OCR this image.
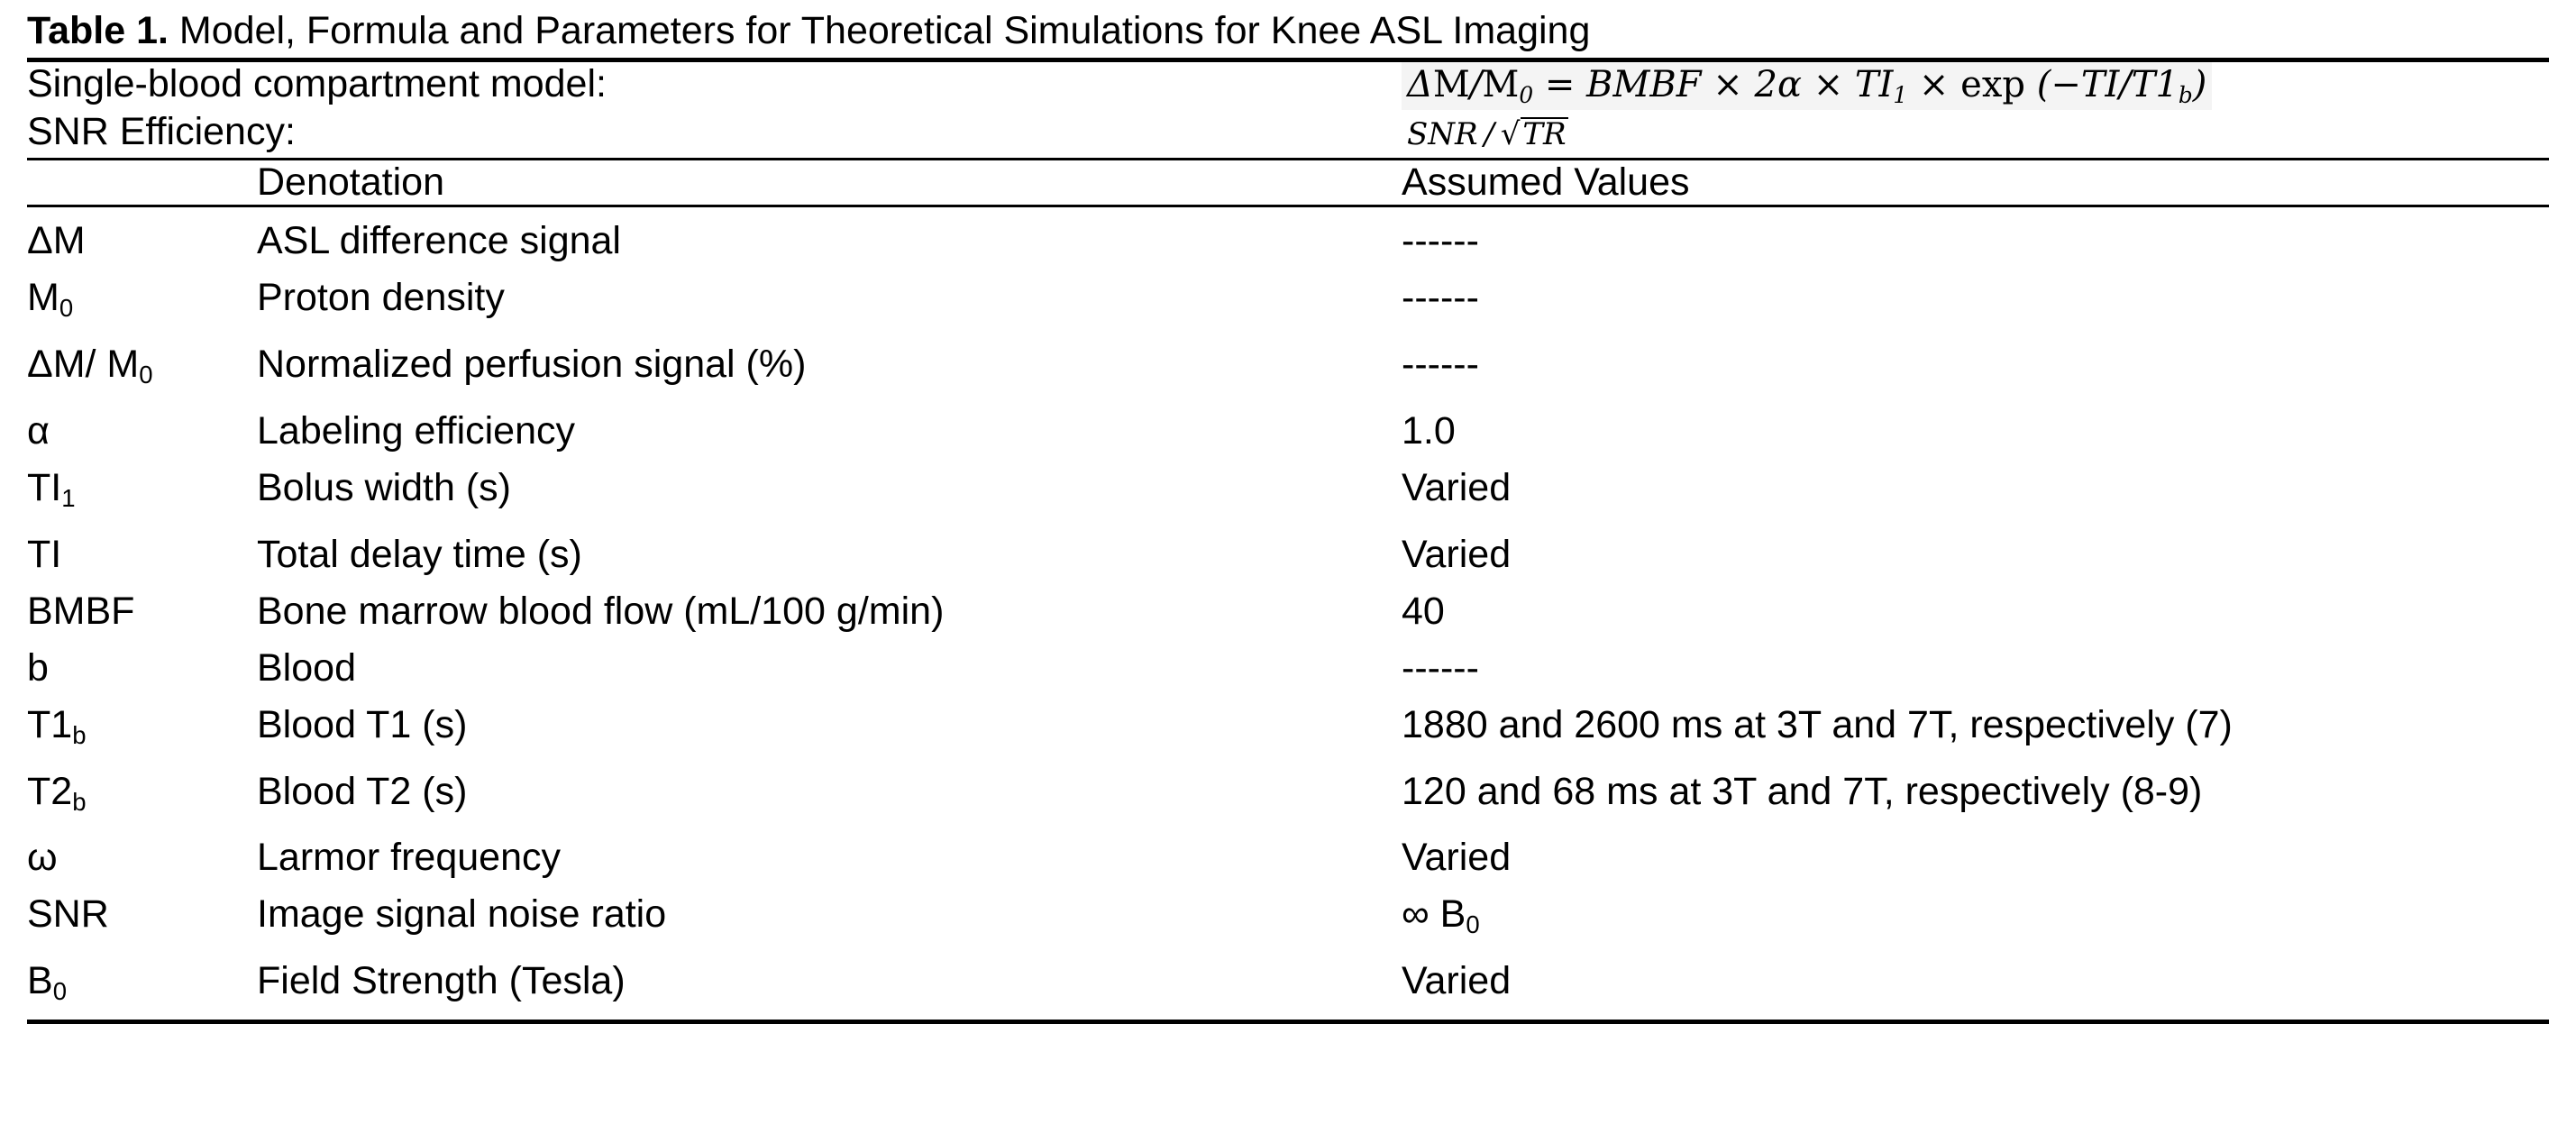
Table 1. Model, Formula and Parameters for Theoretical Simulations for Knee ASL Imaging
Single-blood compartment model:		$\Delta M/M_0$ = BMBF × $2\alpha \times TI_1 \times \exp (-TI/T1_b)$
SNR Efficiency:		SNR / √TR
	Denotation	Assumed Values
ΔM	ASL difference signal	------
$M_0$	Proton density	------
ΔM/ $M_0$	Normalized perfusion signal (%)	------
α	Labeling efficiency	1.0
$TI_1$	Bolus width (s)	Varied
TI	Total delay time (s)	Varied
BMBF	Bone marrow blood flow (mL/100 g/min)	40
b	Blood	------
$T1_b$	Blood T1 (s)	1880 and 2600 ms at 3T and 7T, respectively (7)
$T2_b$	Blood T2 (s)	120 and 68 ms at 3T and 7T, respectively (8-9)
ω	Larmor frequency	Varied
SNR	Image signal noise ratio	∞ $B_0$
$B_0$	Field Strength (Tesla)	Varied
